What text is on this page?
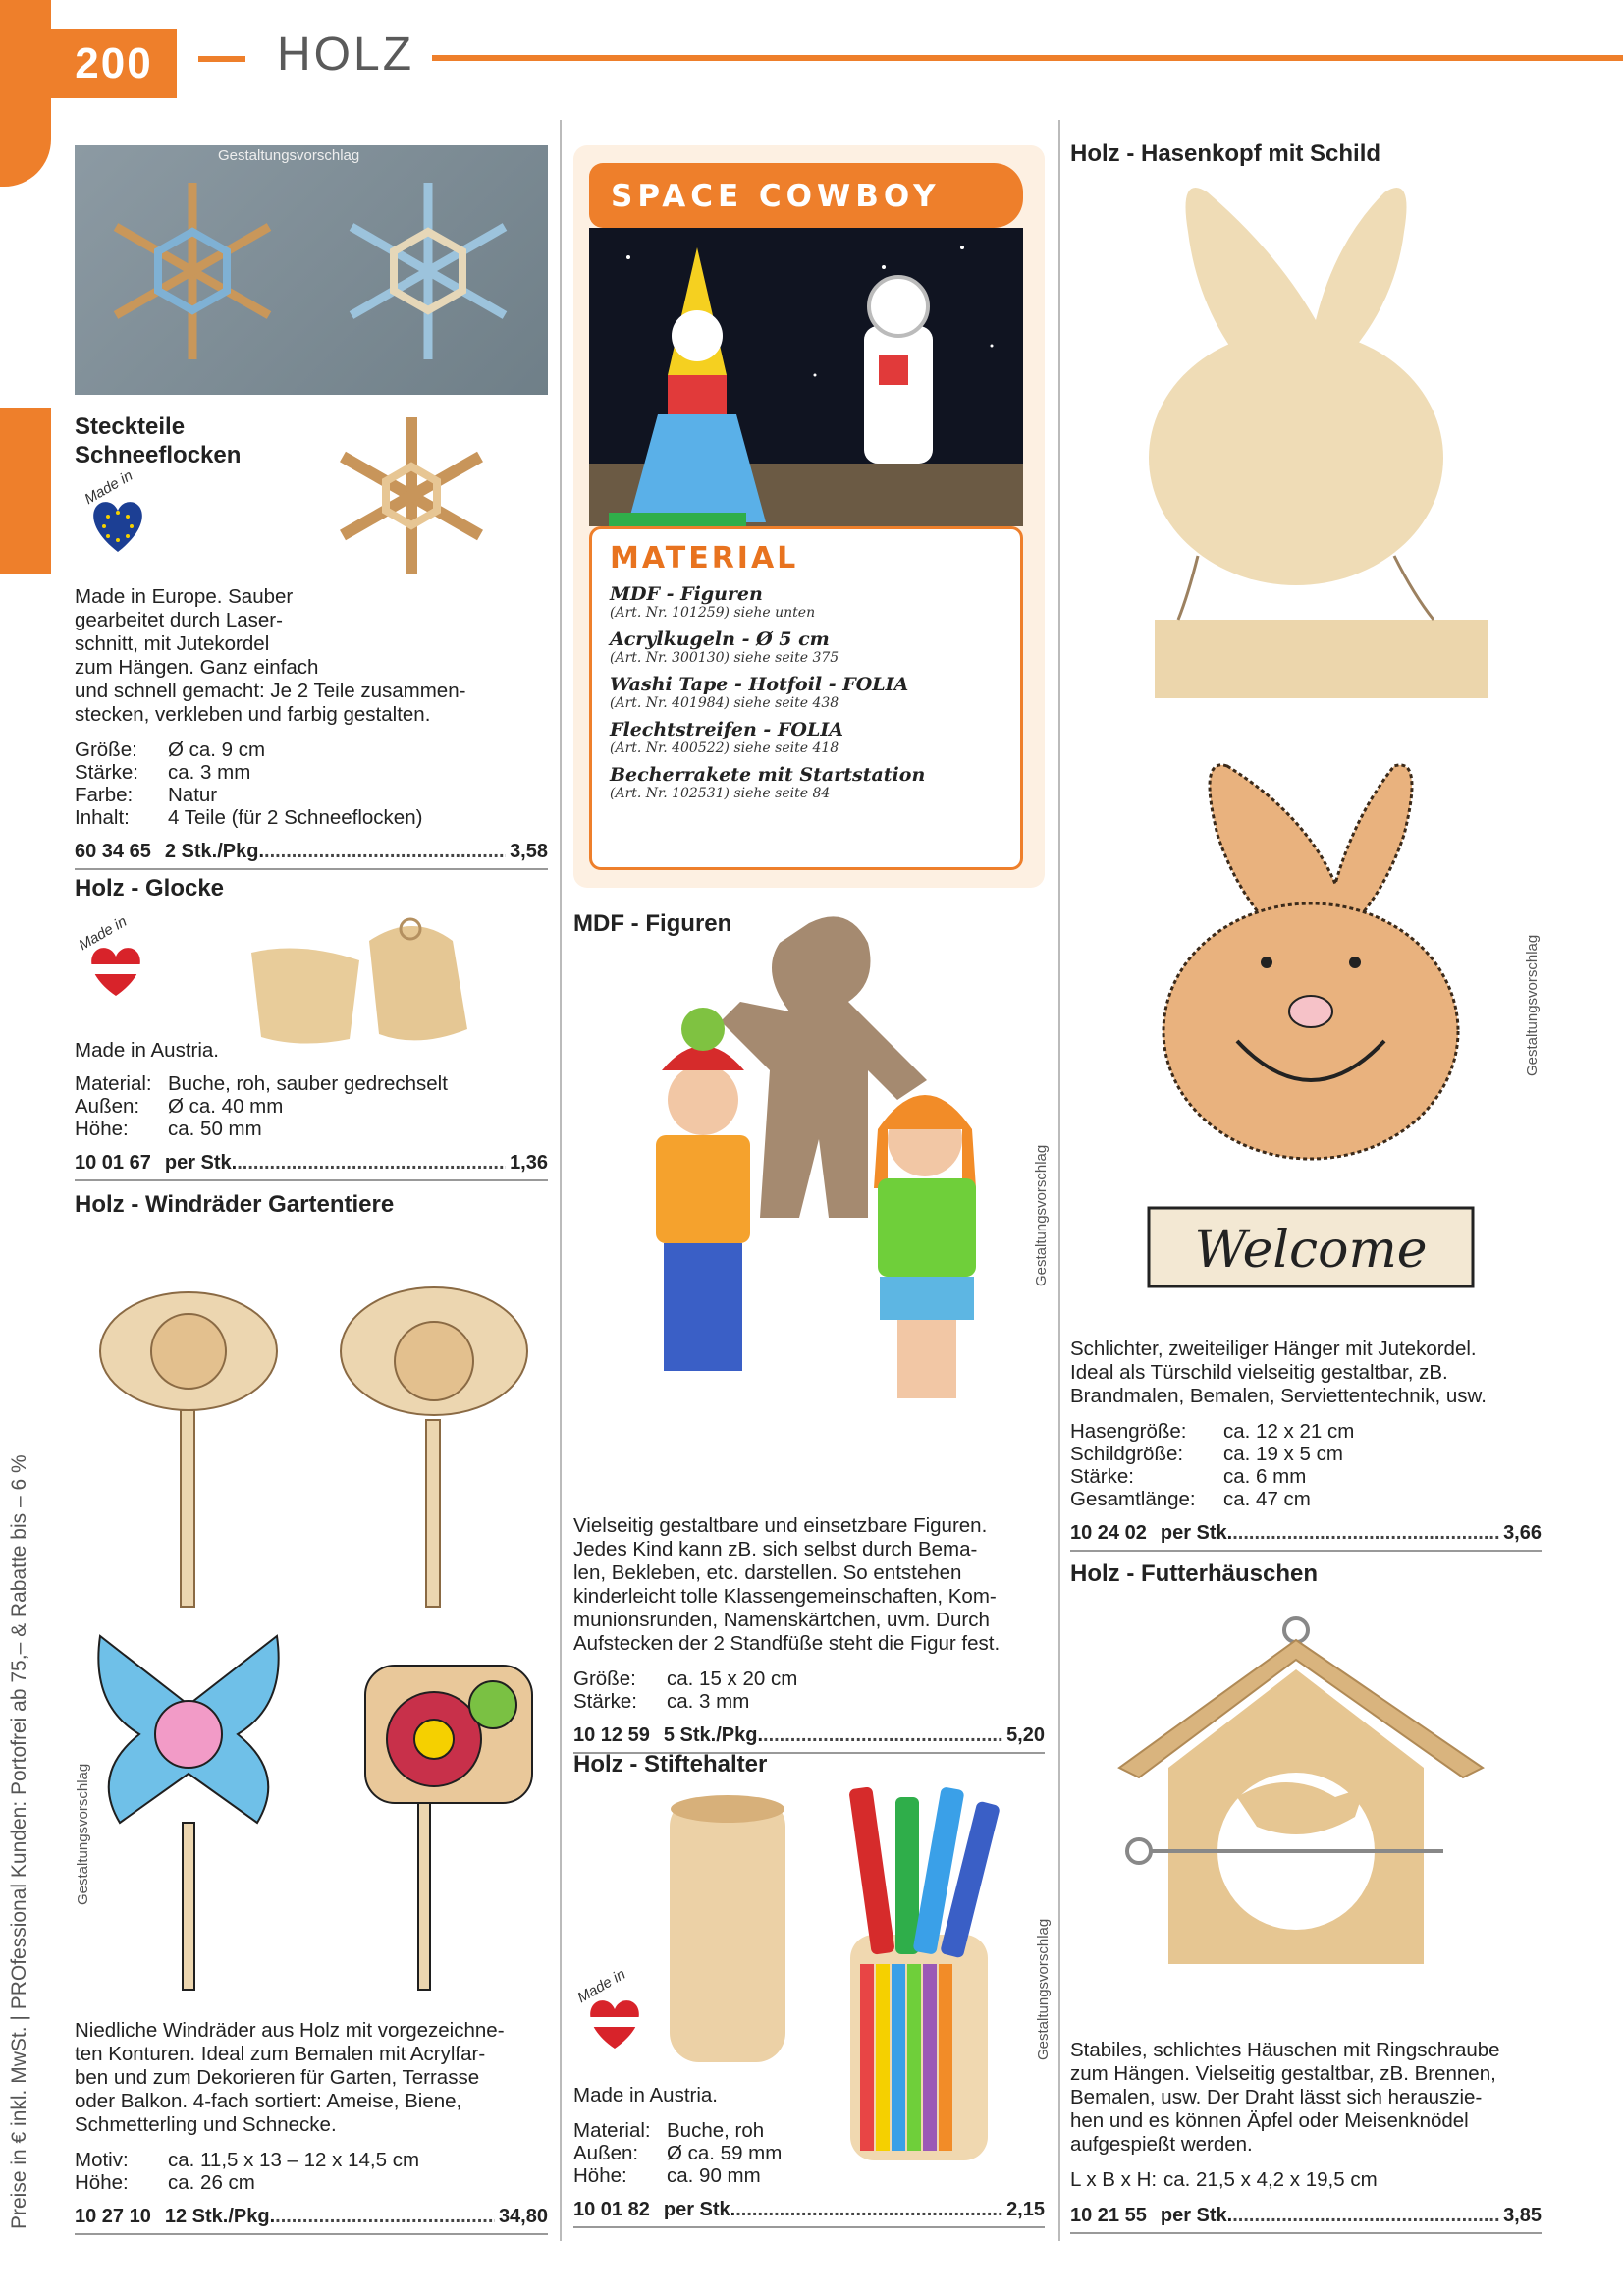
200	HOLZ
Preise in € inkl. MwSt. | PROfessional Kunden: Portofrei ab 75,– & Rabatte bis – 6 %
Gestaltungsvorschlag
Steckteile
Schneeflocken
Made in
Made in Europe. Sauber
gearbeitet durch Laser-
schnitt, mit Jutekordel
zum Hängen. Ganz einfach
und schnell gemacht: Je 2 Teile zusammen-
stecken, verkleben und farbig gestalten.
Größe:	Ø ca. 9 cm
Stärke:	ca. 3 mm
Farbe:	Natur
Inhalt:	4 Teile (für 2 Schneeflocken)
60 34 65 2 Stk./Pkg. .....	3,58
Holz - Glocke
Made in
Made in Austria.
Material: Buche, roh, sauber gedrechselt
Außen:	Ø ca. 40 mm
Höhe:	ca. 50 mm
10 01 67 per Stk. .....	1,36
Holz - Windräder Gartentiere
Gestaltungsvorschlag
Niedliche Windräder aus Holz mit vorgezeichne-
ten Konturen. Ideal zum Bemalen mit Acrylfar-
ben und zum Dekorieren für Garten, Terrasse
oder Balkon. 4-fach sortiert: Ameise, Biene,
Schmetterling und Schnecke.
Motiv:	ca. 11,5 x 13 – 12 x 14,5 cm
Höhe:	ca. 26 cm
10 27 10 12 Stk./Pkg. .....	34,80
SPACE COWBOY
MATERIAL
MDF - Figuren
(Art. Nr. 101259) siehe unten
Acrylkugeln - Ø 5 cm
(Art. Nr. 300130) siehe seite 375
Washi Tape - Hotfoil - FOLIA
(Art. Nr. 401984) siehe seite 438
Flechtstreifen - FOLIA
(Art. Nr. 400522) siehe seite 418
Becherrakete mit Startstation
(Art. Nr. 102531) siehe seite 84
MDF - Figuren
Gestaltungsvorschlag
Vielseitig gestaltbare und einsetzbare Figuren.
Jedes Kind kann zB. sich selbst durch Bema-
len, Bekleben, etc. darstellen. So entstehen
kinderleicht tolle Klassengemeinschaften, Kom-
munionsrunden, Namenskärtchen, uvm. Durch
Aufstecken der 2 Standfüße steht die Figur fest.
Größe:	ca. 15 x 20 cm
Stärke:	ca. 3 mm
10 12 59 5 Stk./Pkg. .....	5,20
Holz - Stiftehalter
Gestaltungsvorschlag
Made in
Made in Austria.
Material: Buche, roh
Außen:	Ø ca. 59 mm
Höhe:	ca. 90 mm
10 01 82 per Stk. .....	2,15
Holz - Hasenkopf mit Schild
Welcome
Gestaltungsvorschlag
Schlichter, zweiteiliger Hänger mit Jutekordel.
Ideal als Türschild vielseitig gestaltbar, zB.
Brandmalen, Bemalen, Serviettentechnik, usw.
Hasengröße:	ca. 12 x 21 cm
Schildgröße:	ca. 19 x 5 cm
Stärke:	ca. 6 mm
Gesamtlänge:	ca. 47 cm
10 24 02 per Stk. .....	3,66
Holz - Futterhäuschen
Stabiles, schlichtes Häuschen mit Ringschraube
zum Hängen. Vielseitig gestaltbar, zB. Brennen,
Bemalen, usw. Der Draht lässt sich herauszie-
hen und es können Äpfel oder Meisenknödel
aufgespießt werden.
L x B x H: ca. 21,5 x 4,2 x 19,5 cm
10 21 55 per Stk. .....	3,85
